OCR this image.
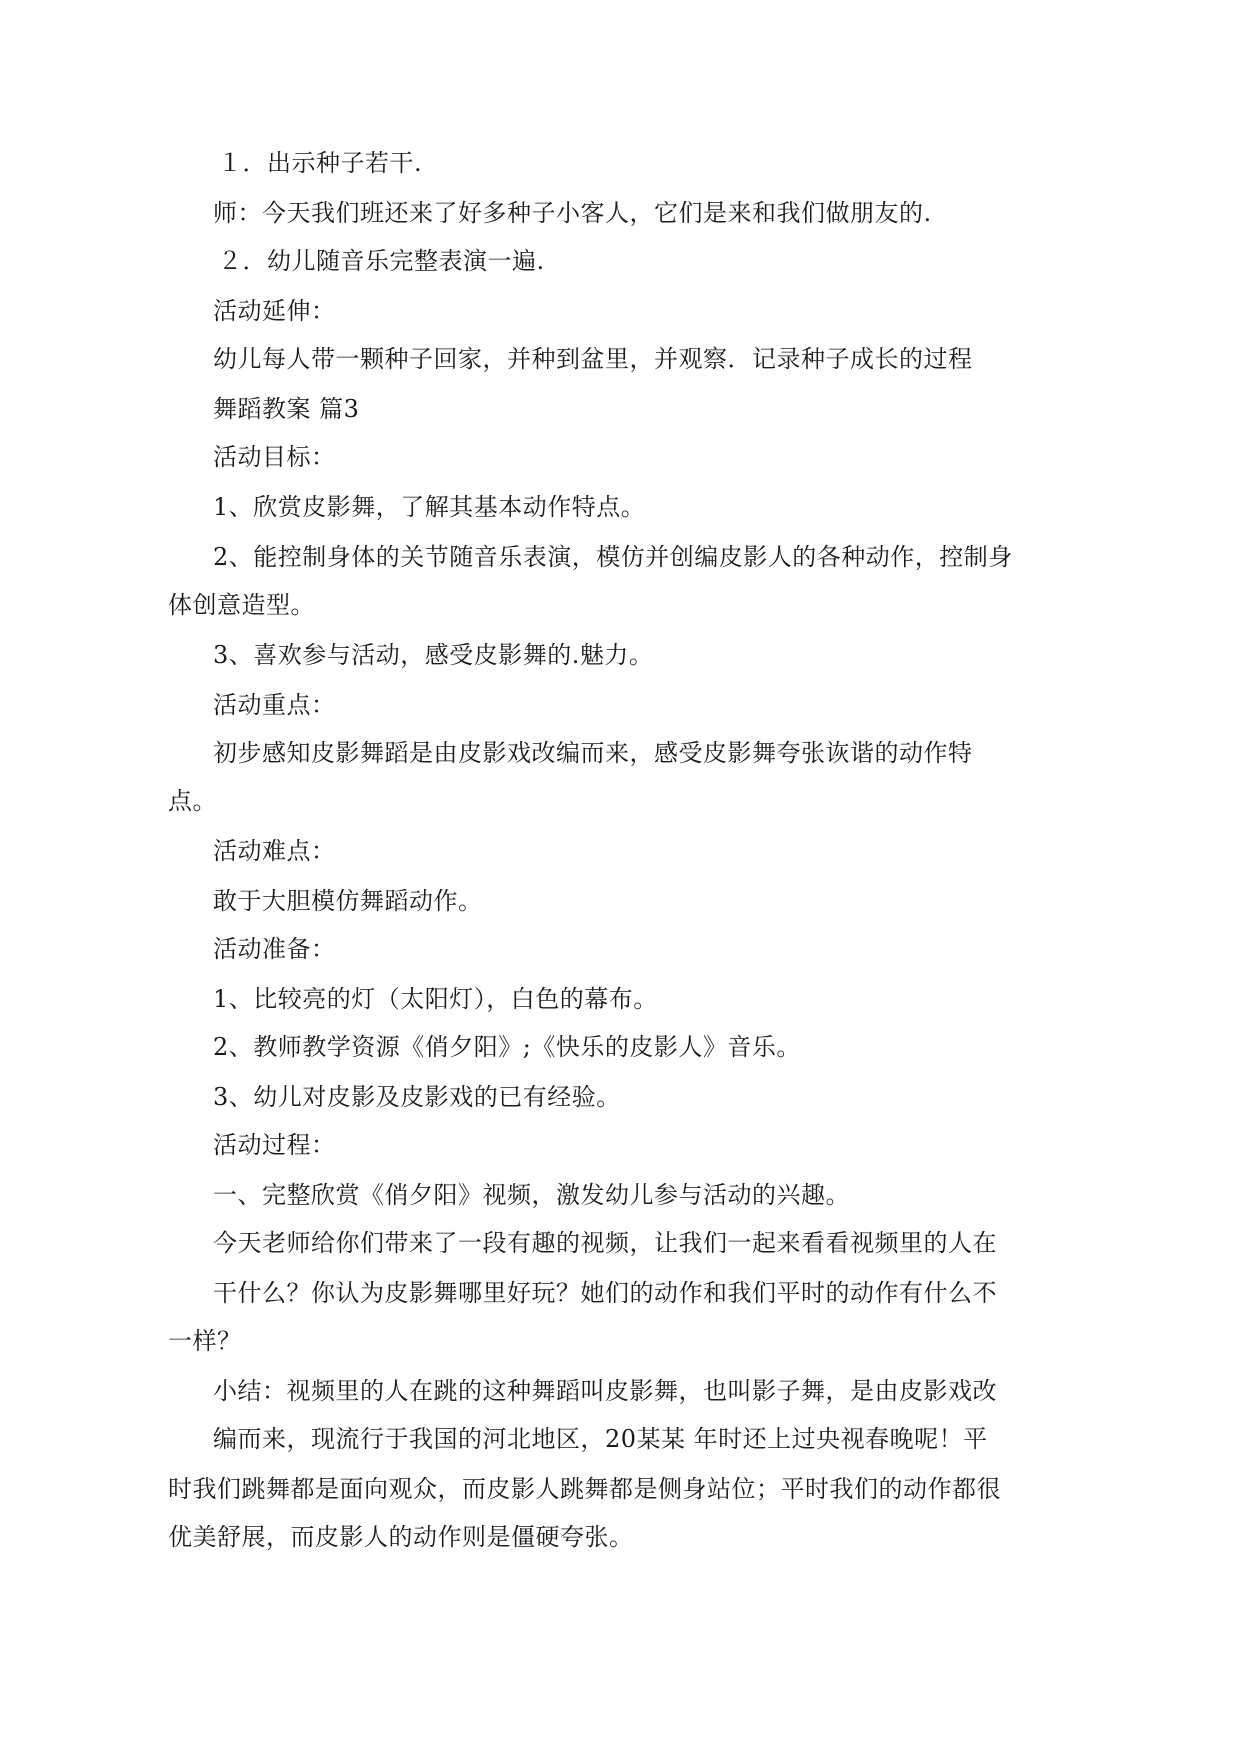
１．出示种子若干.
师：今天我们班还来了好多种子小客人，它们是来和我们做朋友的.
２．幼儿随音乐完整表演一遍.
活动延伸：
幼儿每人带一颗种子回家，并种到盆里，并观察．记录种子成长的过程
舞蹈教案 篇3
活动目标：
1、欣赏皮影舞，了解其基本动作特点。
2、能控制身体的关节随音乐表演，模仿并创编皮影人的各种动作，控制身
体创意造型。
3、喜欢参与活动，感受皮影舞的.魅力。
活动重点：
初步感知皮影舞蹈是由皮影戏改编而来，感受皮影舞夸张诙谐的动作特
点。
活动难点：
敢于大胆模仿舞蹈动作。
活动准备：
1、比较亮的灯（太阳灯），白色的幕布。
2、教师教学资源《俏夕阳》;《快乐的皮影人》音乐。
3、幼儿对皮影及皮影戏的已有经验。
活动过程：
一、完整欣赏《俏夕阳》视频，激发幼儿参与活动的兴趣。
今天老师给你们带来了一段有趣的视频，让我们一起来看看视频里的人在
干什么？你认为皮影舞哪里好玩？她们的动作和我们平时的动作有什么不
一样？
小结：视频里的人在跳的这种舞蹈叫皮影舞，也叫影子舞，是由皮影戏改
编而来，现流行于我国的河北地区，20某某 年时还上过央视春晚呢！平
时我们跳舞都是面向观众，而皮影人跳舞都是侧身站位；平时我们的动作都很
优美舒展，而皮影人的动作则是僵硬夸张。
